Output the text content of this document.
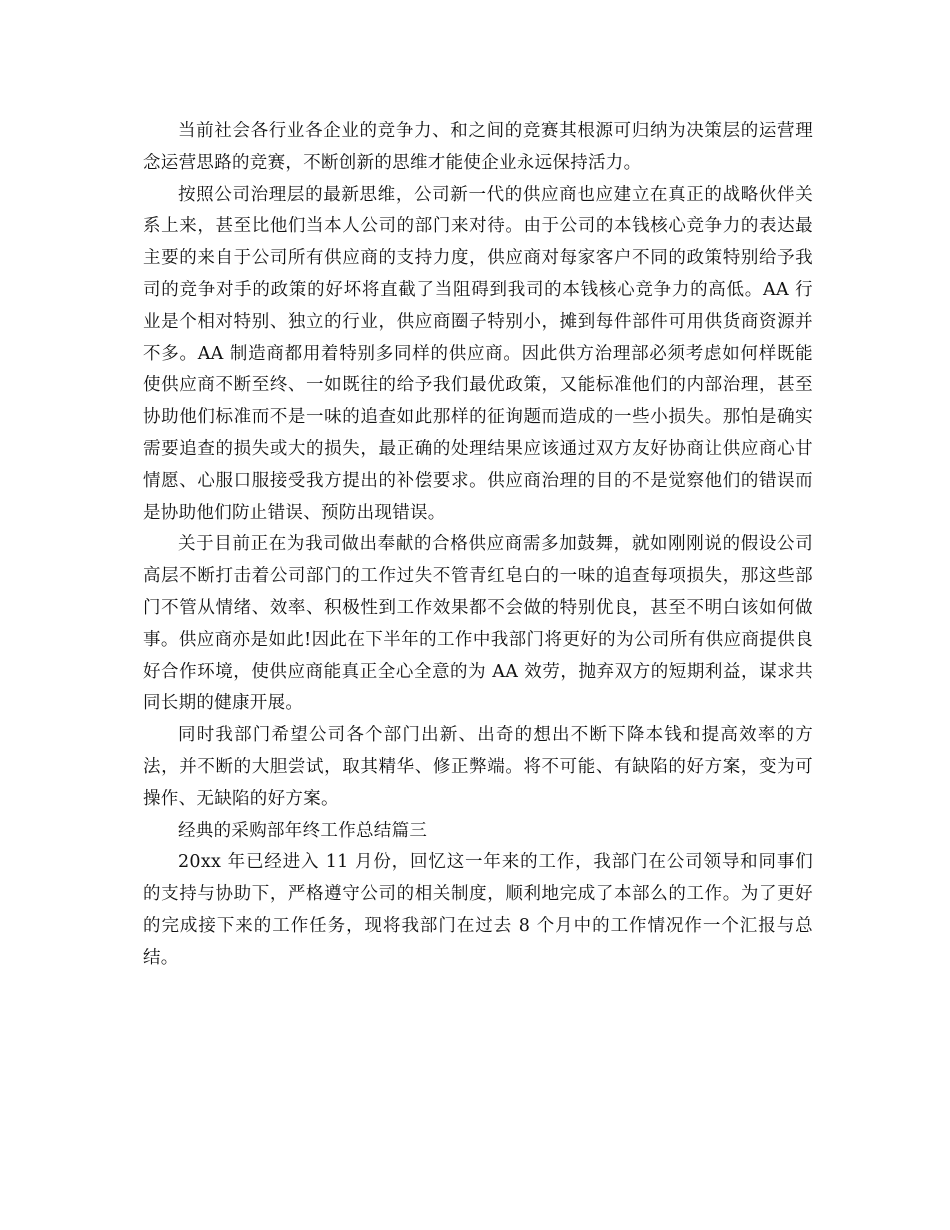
当前社会各行业各企业的竞争力、和之间的竞赛其根源可归纳为决策层的运营理念运营思路的竞赛，不断创新的思维才能使企业永远保持活力。

按照公司治理层的最新思维，公司新一代的供应商也应建立在真正的战略伙伴关系上来，甚至比他们当本人公司的部门来对待。由于公司的本钱核心竞争力的表达最主要的来自于公司所有供应商的支持力度，供应商对每家客户不同的政策特别给予我司的竞争对手的政策的好坏将直截了当阻碍到我司的本钱核心竞争力的高低。AA 行业是个相对特别、独立的行业，供应商圈子特别小，摊到每件部件可用供货商资源并不多。AA 制造商都用着特别多同样的供应商。因此供方治理部必须考虑如何样既能使供应商不断至终、一如既往的给予我们最优政策，又能标准他们的内部治理，甚至协助他们标准而不是一味的追查如此那样的征询题而造成的一些小损失。那怕是确实需要追查的损失或大的损失，最正确的处理结果应该通过双方友好协商让供应商心甘情愿、心服口服接受我方提出的补偿要求。供应商治理的目的不是觉察他们的错误而是协助他们防止错误、预防出现错误。

关于目前正在为我司做出奉献的合格供应商需多加鼓舞，就如刚刚说的假设公司高层不断打击着公司部门的工作过失不管青红皂白的一味的追查每项损失，那这些部门不管从情绪、效率、积极性到工作效果都不会做的特别优良，甚至不明白该如何做事。供应商亦是如此!因此在下半年的工作中我部门将更好的为公司所有供应商提供良好合作环境，使供应商能真正全心全意的为 AA 效劳，抛弃双方的短期利益，谋求共同长期的健康开展。

同时我部门希望公司各个部门出新、出奇的想出不断下降本钱和提高效率的方法，并不断的大胆尝试，取其精华、修正弊端。将不可能、有缺陷的好方案，变为可操作、无缺陷的好方案。

经典的采购部年终工作总结篇三

20xx 年已经进入 11 月份，回忆这一年来的工作，我部门在公司领导和同事们的支持与协助下，严格遵守公司的相关制度，顺利地完成了本部么的工作。为了更好的完成接下来的工作任务，现将我部门在过去 8 个月中的工作情况作一个汇报与总结。
